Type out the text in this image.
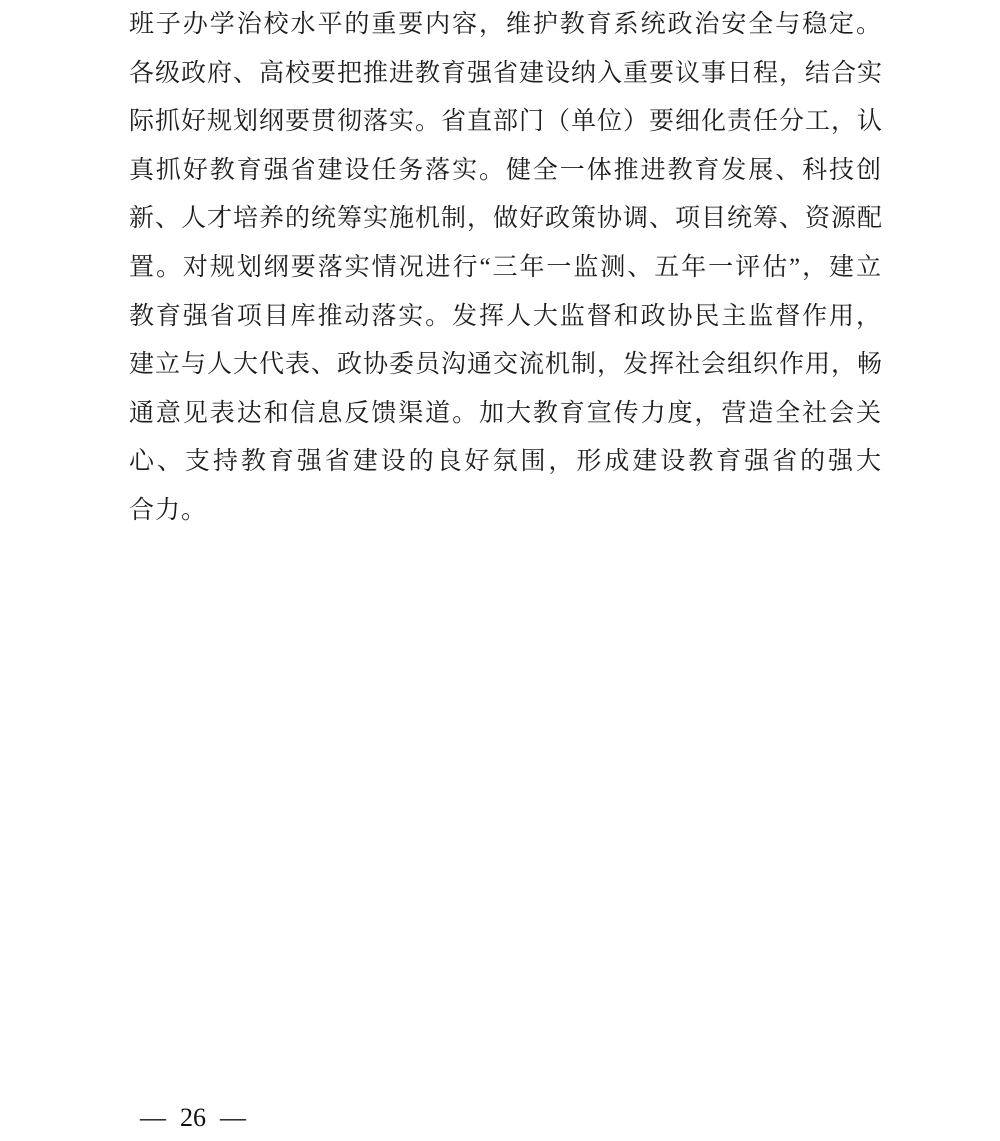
班子办学治校水平的重要内容，维护教育系统政治安全与稳定。
各级政府、高校要把推进教育强省建设纳入重要议事日程，结合实
际抓好规划纲要贯彻落实。省直部门（单位）要细化责任分工，认
真抓好教育强省建设任务落实。健全一体推进教育发展、科技创
新、人才培养的统筹实施机制，做好政策协调、项目统筹、资源配
置。对规划纲要落实情况进行“三年一监测、五年一评估”，建立
教育强省项目库推动落实。发挥人大监督和政协民主监督作用，
建立与人大代表、政协委员沟通交流机制，发挥社会组织作用，畅
通意见表达和信息反馈渠道。加大教育宣传力度，营造全社会关
心、支持教育强省建设的良好氛围，形成建设教育强省的强大
合力。
— 26 —
